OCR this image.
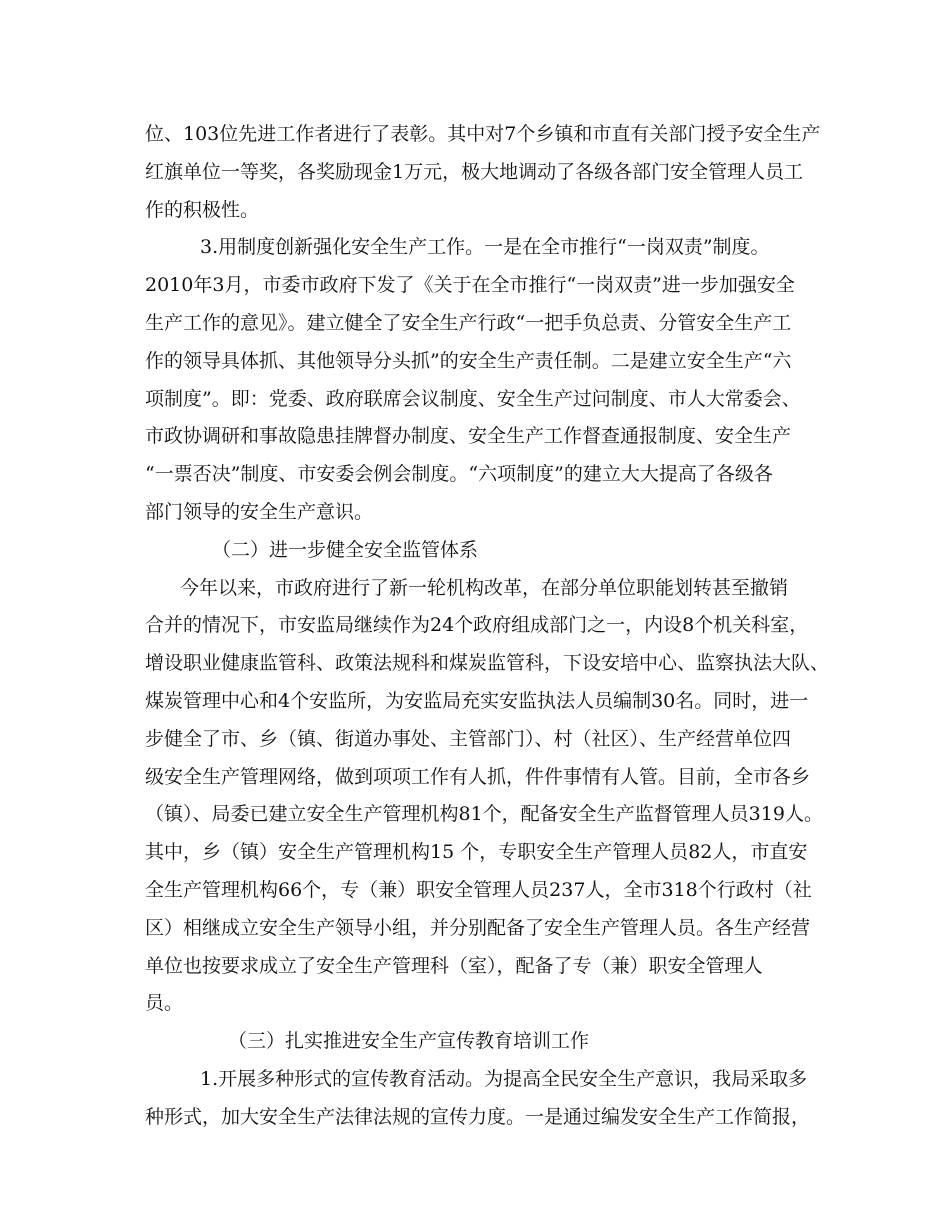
位、103位先进工作者进行了表彰。其中对7个乡镇和市直有关部门授予安全生产
红旗单位一等奖，各奖励现金1万元，极大地调动了各级各部门安全管理人员工
作的积极性。
3.用制度创新强化安全生产工作。一是在全市推行“一岗双责”制度。
2010年3月，市委市政府下发了《关于在全市推行“一岗双责”进一步加强安全
生产工作的意见》。建立健全了安全生产行政“一把手负总责、分管安全生产工
作的领导具体抓、其他领导分头抓”的安全生产责任制。二是建立安全生产“六
项制度”。即：党委、政府联席会议制度、安全生产过问制度、市人大常委会、
市政协调研和事故隐患挂牌督办制度、安全生产工作督查通报制度、安全生产
“一票否决”制度、市安委会例会制度。“六项制度”的建立大大提高了各级各
部门领导的安全生产意识。
（二）进一步健全安全监管体系
今年以来，市政府进行了新一轮机构改革，在部分单位职能划转甚至撤销
合并的情况下，市安监局继续作为24个政府组成部门之一，内设8个机关科室，
增设职业健康监管科、政策法规科和煤炭监管科，下设安培中心、监察执法大队、
煤炭管理中心和4个安监所，为安监局充实安监执法人员编制30名。同时，进一
步健全了市、乡（镇、街道办事处、主管部门）、村（社区）、生产经营单位四
级安全生产管理网络，做到项项工作有人抓，件件事情有人管。目前，全市各乡
（镇）、局委已建立安全生产管理机构81个，配备安全生产监督管理人员319人。
其中，乡（镇）安全生产管理机构15 个，专职安全生产管理人员82人，市直安
全生产管理机构66个，专（兼）职安全管理人员237人，全市318个行政村（社
区）相继成立安全生产领导小组，并分别配备了安全生产管理人员。各生产经营
单位也按要求成立了安全生产管理科（室），配备了专（兼）职安全管理人
员。
（三）扎实推进安全生产宣传教育培训工作
1.开展多种形式的宣传教育活动。为提高全民安全生产意识，我局采取多
种形式，加大安全生产法律法规的宣传力度。一是通过编发安全生产工作简报，
